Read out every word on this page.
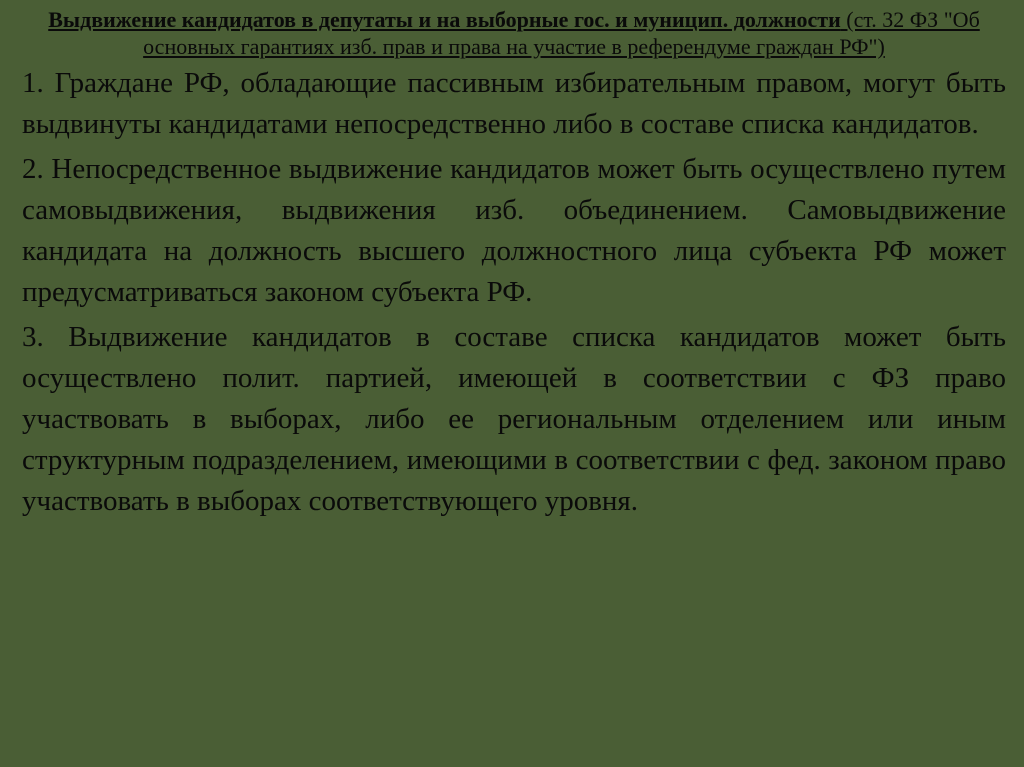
Выдвижение кандидатов в депутаты и на выборные гос. и муницип. должности (ст. 32 ФЗ "Об основных гарантиях изб. прав и права на участие в референдуме граждан РФ")

1. Граждане РФ, обладающие пассивным избирательным правом, могут быть выдвинуты кандидатами непосредственно либо в составе списка кандидатов.

2. Непосредственное выдвижение кандидатов может быть осуществлено путем самовыдвижения, выдвижения изб. объединением. Самовыдвижение кандидата на должность высшего должностного лица субъекта РФ может предусматриваться законом субъекта РФ.

3. Выдвижение кандидатов в составе списка кандидатов может быть осуществлено полит. партией, имеющей в соответствии с ФЗ право участвовать в выборах, либо ее региональным отделением или иным структурным подразделением, имеющими в соответствии с фед. законом право участвовать в выборах соответствующего уровня.
